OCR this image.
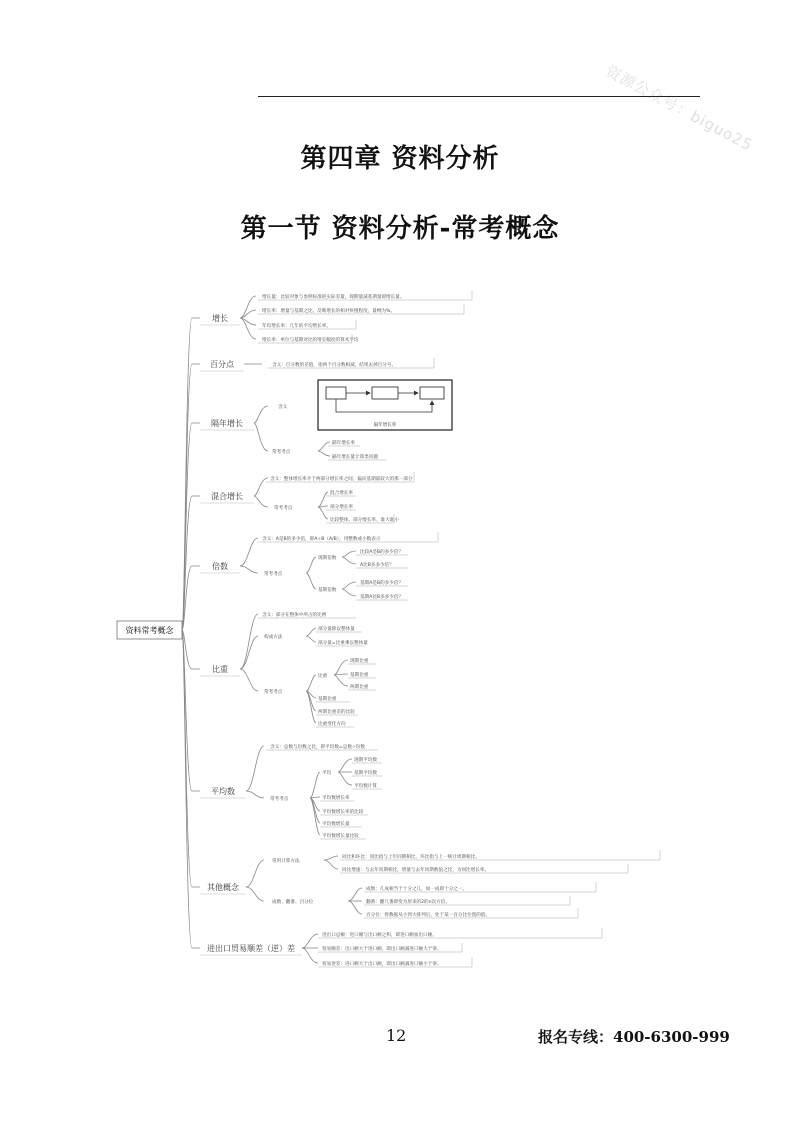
资源公众号：biguo25
第四章 资料分析
第一节 资料分析-常考概念
资料常考概念
增长
百分点
隔年增长
混合增长
倍数
比重
平均数
其他概念
进出口贸易顺差（逆）差
增长量：比较对象与参照标准的实际差量，现期量减基期量即增长量。
增长率：增量与基期之比，反映增长的相对快慢程度，量纲为%。
年均增长率：几年的平均增长率。
增长率：单位与基期对比的增长幅度的算术平均
含义：百分数的差值，指两个百分数相减，结果去掉百分号。
含义
常考考点
隔年增长率
隔年增长量计算类问题
含义：整体增长率介于两部分增长率之间，偏向基期量较大的那一部分
常考考点
混合增长率
部分增长率
比较整体、部分增长率、谁大谁小
含义：A是B的多少倍，即A÷B（A/B），用整数或小数表示
常考考点
现期倍数
基期倍数
比较A是B的多少倍？
A比B多多少倍？
基期A是B的多少倍？
基期A比B多多少倍？
含义：部分在整体中所占的比例
构成方法
部分量除以整体量
部分量=比重乘以整体量
常考考点
比重
现期比重
基期比重
两期比重
基期比重
两期比重差的比较
比重变化方向
含义：总数与份数之比，即平均数=总数÷份数
常考考点
平均
现期平均数
基期平均数
平均数计算
平均数增长率
平均数增长率的比较
平均数增长量
平均数增长量比较
常用计算方法
同比和环比：同比指与上年同期相比，环比指与上一统计周期相比。
同比增速：与去年同期相比，增量与去年同期数值之比，为同比增长率。
成数、翻番、百分位
成数：几成相当于十分之几，如一成即十分之一。
翻番：翻几番即变为原来的2的n次方倍。
百分位：将数据从小到大排列后，处于某一百分比位置的值。
进出口总额：进口额与出口额之和，即进口额加出口额。
贸易顺差：出口额大于进口额，即出口额减进口额大于零。
贸易逆差：进口额大于出口额，即出口额减进口额小于零。
隔年增长率
12	报名专线：400-6300-999
